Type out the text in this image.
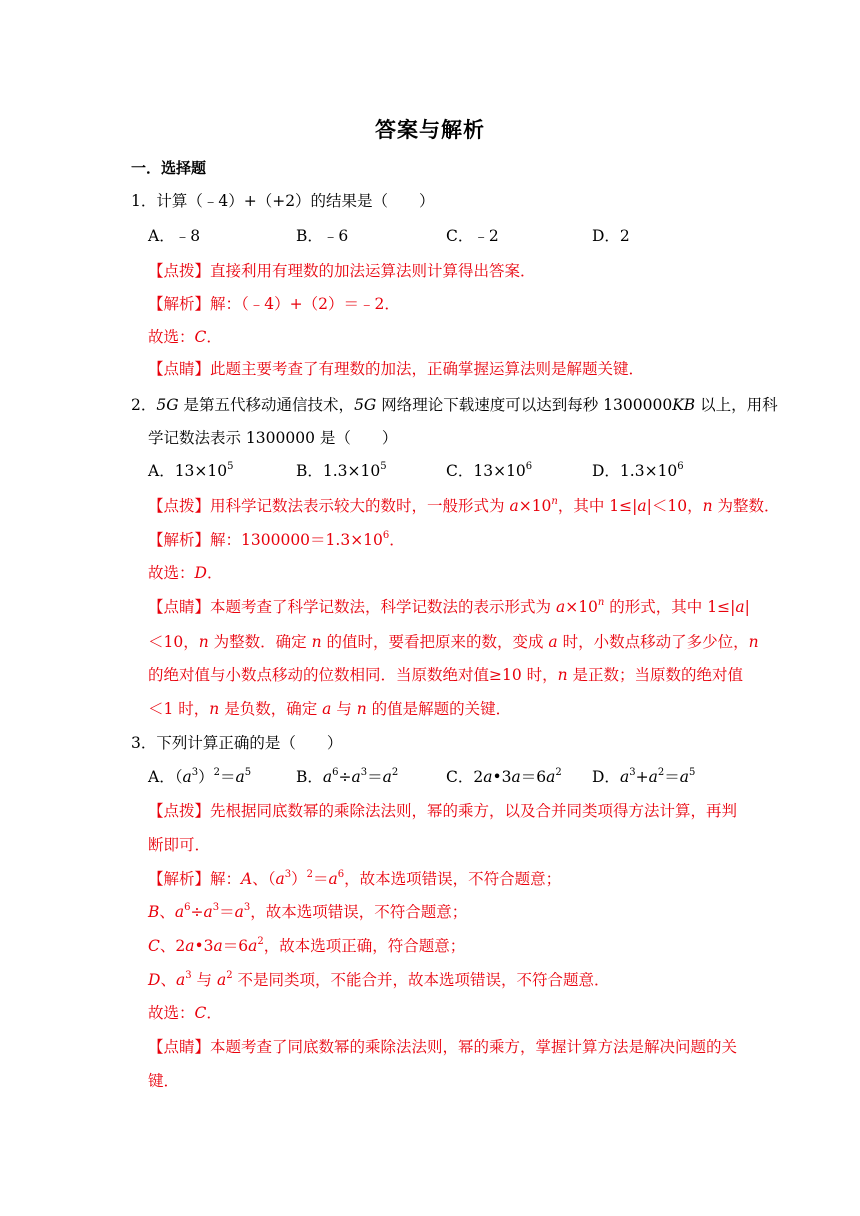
答案与解析
一．选择题
1．计算（﹣4）+（+2）的结果是（　　）
A．﹣8	B．﹣6	C．﹣2	D．2
【点拨】直接利用有理数的加法运算法则计算得出答案．
【解析】解：（﹣4）+（2）＝﹣2．
故选：C．
【点睛】此题主要考查了有理数的加法，正确掌握运算法则是解题关键．
2．5G 是第五代移动通信技术，5G 网络理论下载速度可以达到每秒 1300000KB 以上，用科
学记数法表示 1300000 是（　　）
A．$13\times 10^5$	B．$1.3\times 10^5$	C．$13\times 10^6$	D．$1.3\times 10^6$
【点拨】用科学记数法表示较大的数时，一般形式为 $a\times 10^n$，其中 1≤|a|＜10，n 为整数．
【解析】解：$1300000=1.3\times 10^6$．
故选：D．
【点睛】本题考查了科学记数法，科学记数法的表示形式为 $a\times 10^n$ 的形式，其中 1≤|a|
＜10，n 为整数．确定 n 的值时，要看把原来的数，变成 a 时，小数点移动了多少位，n
的绝对值与小数点移动的位数相同．当原数绝对值≥10 时，n 是正数；当原数的绝对值
＜1 时，n 是负数，确定 a 与 n 的值是解题的关键．
3．下列计算正确的是（　　）
A．$(a^3)^2=a^5$	B．$a^6\div a^3=a^2$	C．$2a•3a=6a^2$ D．$a^3+a^2=a^5$
【点拨】先根据同底数幂的乘除法法则，幂的乘方，以及合并同类项得方法计算，再判
断即可．
【解析】解：A、$(a^3)^2=a^6$，故本选项错误，不符合题意；
B、$a^6\div a^3=a^3$，故本选项错误，不符合题意；
C、$2a•3a=6a^2$，故本选项正确，符合题意；
D、$a^3$ 与 $a^2$ 不是同类项，不能合并，故本选项错误，不符合题意．
故选：C．
【点睛】本题考查了同底数幂的乘除法法则，幂的乘方，掌握计算方法是解决问题的关
键．
